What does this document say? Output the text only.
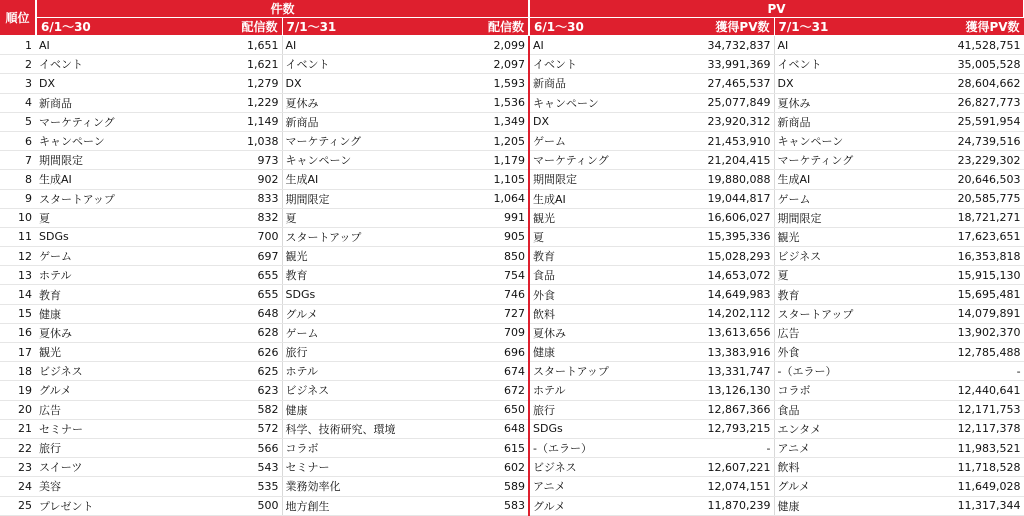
順位	件数				PV			
	6/1～30	配信数	7/1～31	配信数	6/1～30	獲得PV数	7/1～31	獲得PV数
1	AI	1,651	AI	2,099	AI	34,732,837	AI	41,528,751
2	イベント	1,621	イベント	2,097	イベント	33,991,369	イベント	35,005,528
3	DX	1,279	DX	1,593	新商品	27,465,537	DX	28,604,662
4	新商品	1,229	夏休み	1,536	キャンペーン	25,077,849	夏休み	26,827,773
5	マーケティング	1,149	新商品	1,349	DX	23,920,312	新商品	25,591,954
6	キャンペーン	1,038	マーケティング	1,205	ゲーム	21,453,910	キャンペーン	24,739,516
7	期間限定	973	キャンペーン	1,179	マーケティング	21,204,415	マーケティング	23,229,302
8	生成AI	902	生成AI	1,105	期間限定	19,880,088	生成AI	20,646,503
9	スタートアップ	833	期間限定	1,064	生成AI	19,044,817	ゲーム	20,585,775
10	夏	832	夏	991	観光	16,606,027	期間限定	18,721,271
11	SDGs	700	スタートアップ	905	夏	15,395,336	観光	17,623,651
12	ゲーム	697	観光	850	教育	15,028,293	ビジネス	16,353,818
13	ホテル	655	教育	754	食品	14,653,072	夏	15,915,130
14	教育	655	SDGs	746	外食	14,649,983	教育	15,695,481
15	健康	648	グルメ	727	飲料	14,202,112	スタートアップ	14,079,891
16	夏休み	628	ゲーム	709	夏休み	13,613,656	広告	13,902,370
17	観光	626	旅行	696	健康	13,383,916	外食	12,785,488
18	ビジネス	625	ホテル	674	スタートアップ	13,331,747	-（エラー）	-
19	グルメ	623	ビジネス	672	ホテル	13,126,130	コラボ	12,440,641
20	広告	582	健康	650	旅行	12,867,366	食品	12,171,753
21	セミナー	572	科学、技術研究、環境	648	SDGs	12,793,215	エンタメ	12,117,378
22	旅行	566	コラボ	615	-（エラー）	-	アニメ	11,983,521
23	スイーツ	543	セミナー	602	ビジネス	12,607,221	飲料	11,718,528
24	美容	535	業務効率化	589	アニメ	12,074,151	グルメ	11,649,028
25	プレゼント	500	地方創生	583	グルメ	11,870,239	健康	11,317,344
